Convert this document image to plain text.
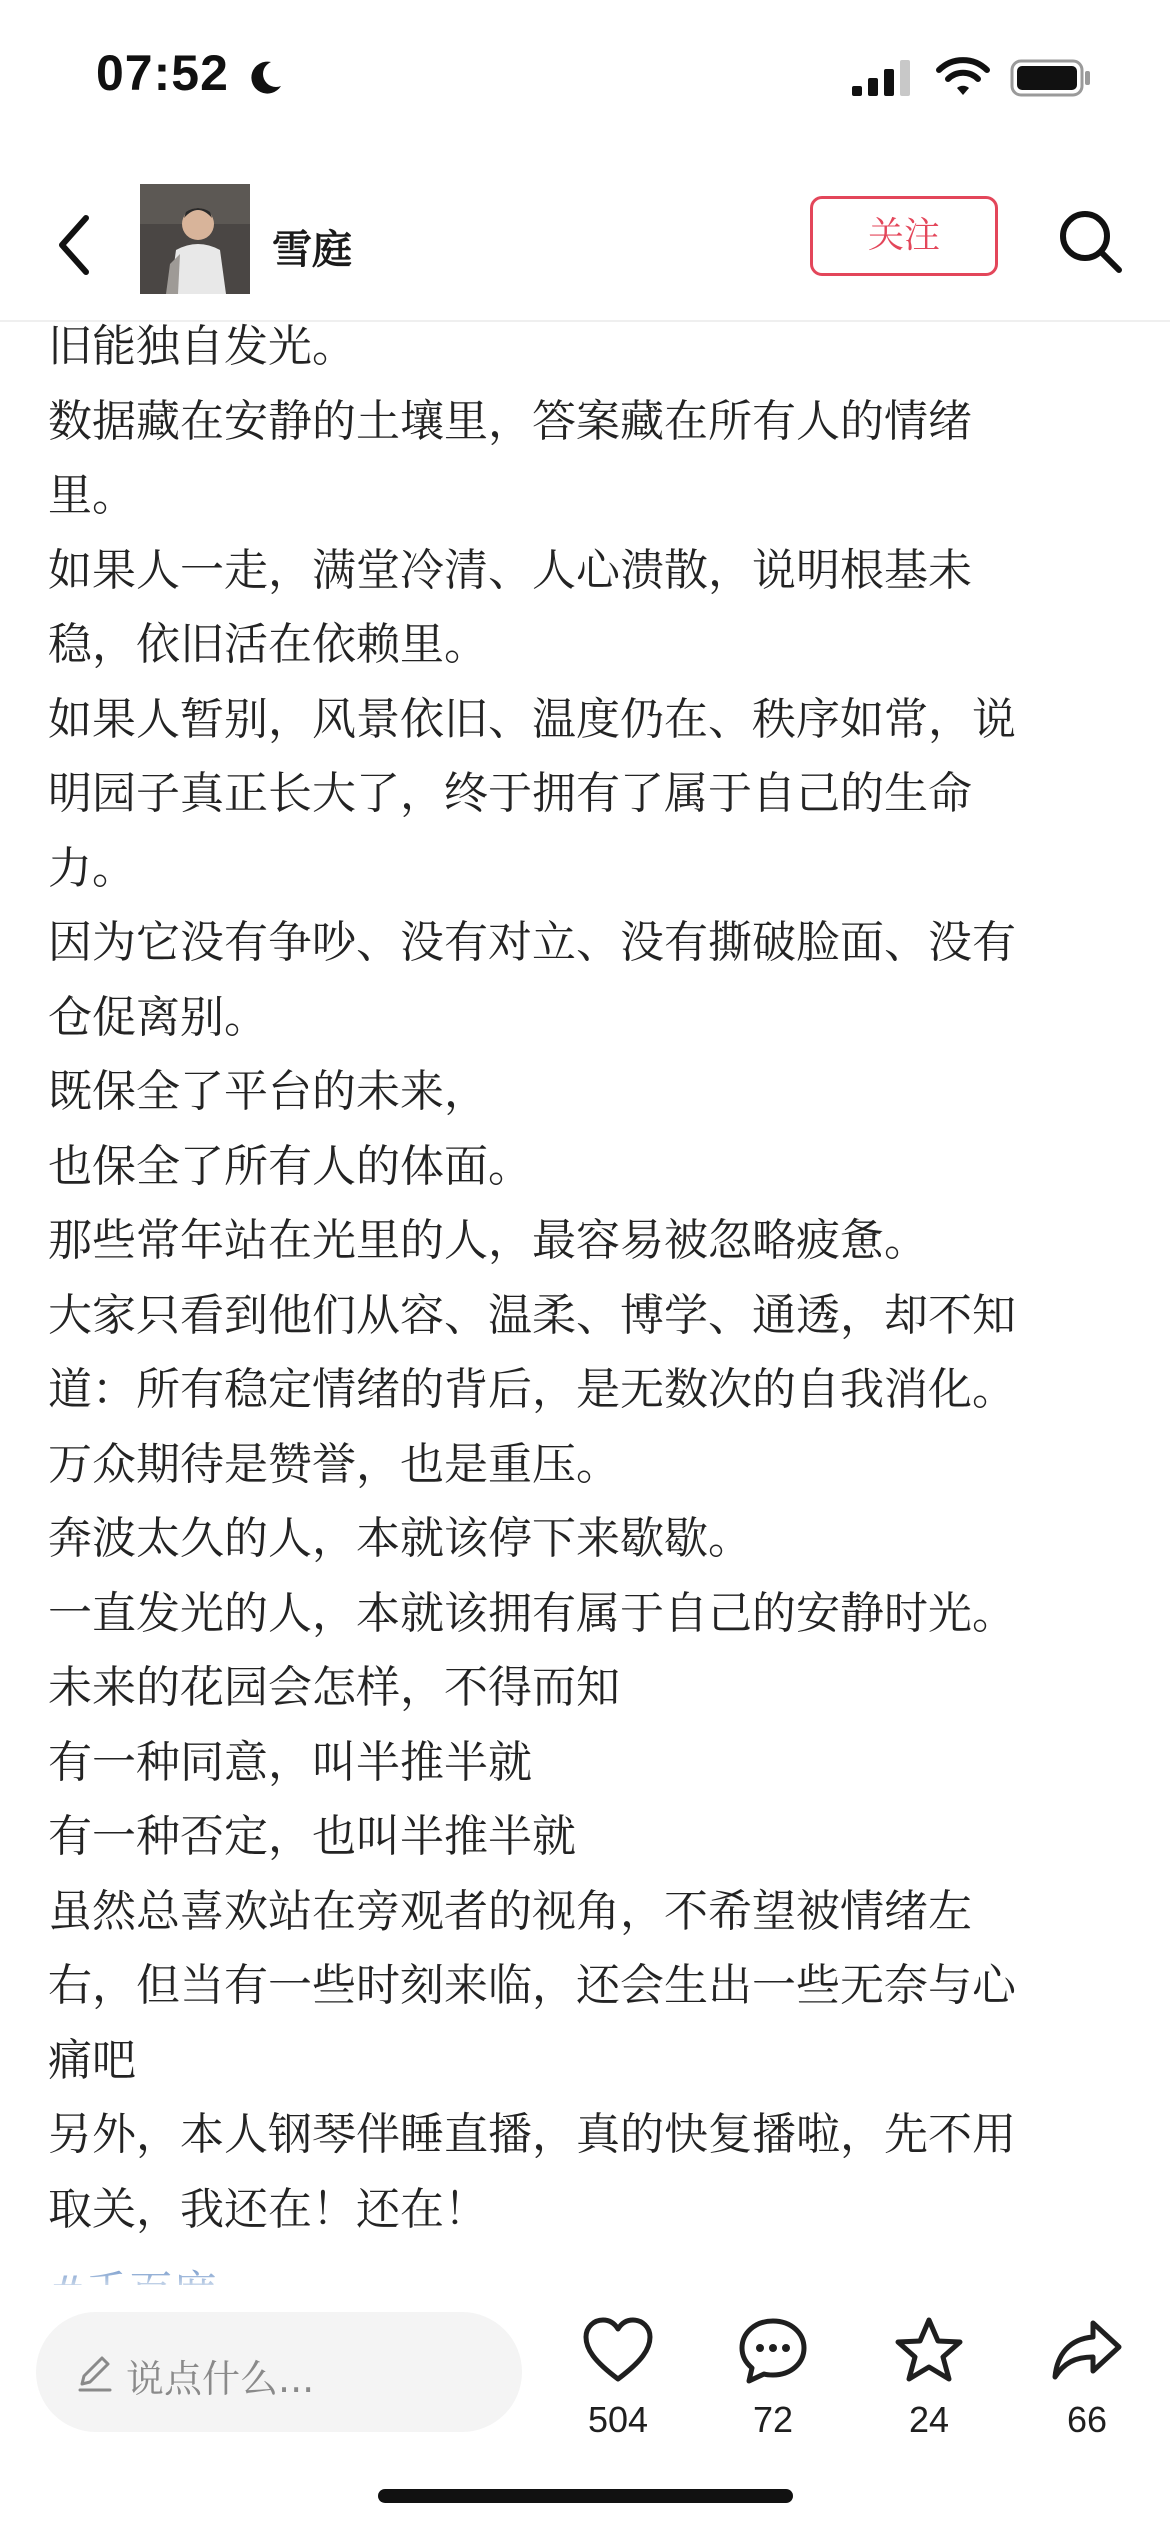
07:52
雪庭	关注

旧能独自发光。

数据藏在安静的土壤里，答案藏在所有人的情绪

里。

如果人一走，满堂冷清、人心溃散，说明根基未

稳，依旧活在依赖里。

如果人暂别，风景依旧、温度仍在、秩序如常，说

明园子真正长大了，终于拥有了属于自己的生命

力。

因为它没有争吵、没有对立、没有撕破脸面、没有

仓促离别。

既保全了平台的未来，

也保全了所有人的体面。

那些常年站在光里的人，最容易被忽略疲惫。

大家只看到他们从容、温柔、博学、通透，却不知

道：所有稳定情绪的背后，是无数次的自我消化。

万众期待是赞誉，也是重压。

奔波太久的人，本就该停下来歇歇。

一直发光的人，本就该拥有属于自己的安静时光。

未来的花园会怎样，不得而知

有一种同意，叫半推半就

有一种否定，也叫半推半就

虽然总喜欢站在旁观者的视角，不希望被情绪左

右，但当有一些时刻来临，还会生出一些无奈与心

痛吧

另外，本人钢琴伴睡直播，真的快复播啦，先不用

取关，我还在！还在！

说点什么...
504	72	24	66
